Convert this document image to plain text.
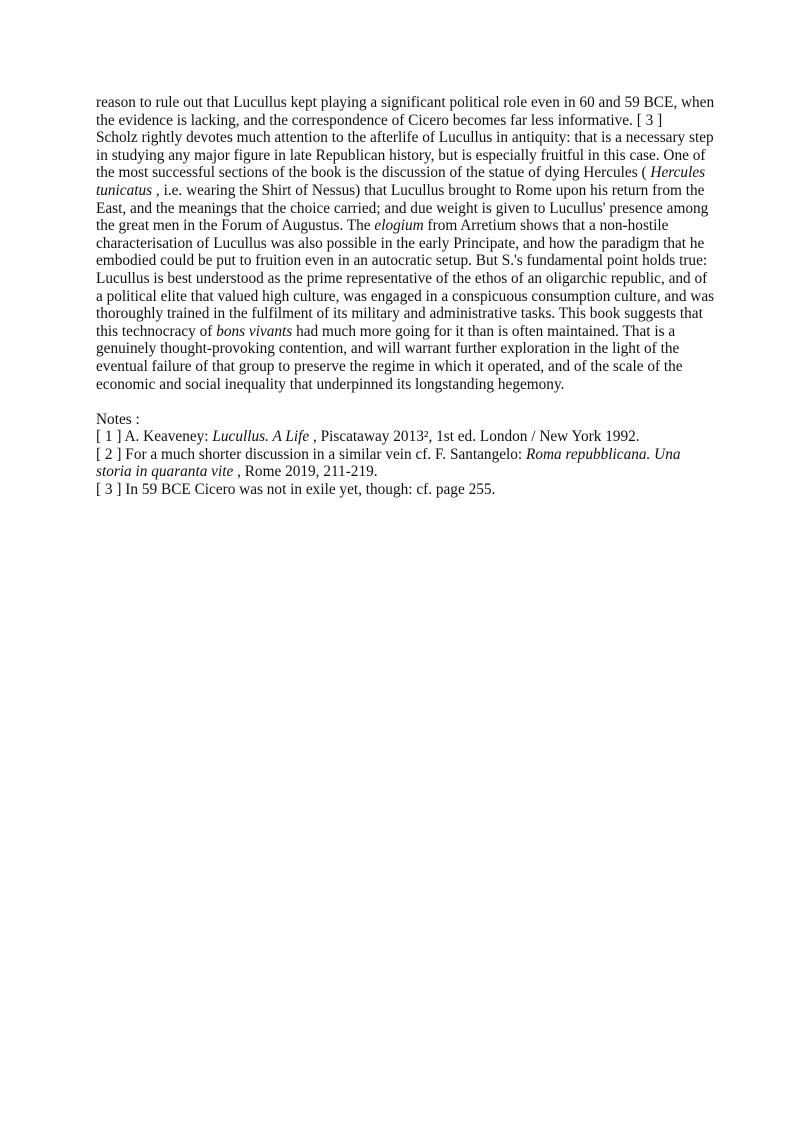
reason to rule out that Lucullus kept playing a significant political role even in 60 and 59 BCE, when the evidence is lacking, and the correspondence of Cicero becomes far less informative. [ 3 ]

Scholz rightly devotes much attention to the afterlife of Lucullus in antiquity: that is a necessary step in studying any major figure in late Republican history, but is especially fruitful in this case. One of the most successful sections of the book is the discussion of the statue of dying Hercules ( Hercules tunicatus , i.e. wearing the Shirt of Nessus) that Lucullus brought to Rome upon his return from the East, and the meanings that the choice carried; and due weight is given to Lucullus' presence among the great men in the Forum of Augustus. The elogium from Arretium shows that a non-hostile characterisation of Lucullus was also possible in the early Principate, and how the paradigm that he embodied could be put to fruition even in an autocratic setup. But S.'s fundamental point holds true: Lucullus is best understood as the prime representative of the ethos of an oligarchic republic, and of a political elite that valued high culture, was engaged in a conspicuous consumption culture, and was thoroughly trained in the fulfilment of its military and administrative tasks. This book suggests that this technocracy of bons vivants had much more going for it than is often maintained. That is a genuinely thought-provoking contention, and will warrant further exploration in the light of the eventual failure of that group to preserve the regime in which it operated, and of the scale of the economic and social inequality that underpinned its longstanding hegemony.

Notes :

[ 1 ] A. Keaveney: Lucullus. A Life , Piscataway 2013², 1st ed. London / New York 1992.

[ 2 ] For a much shorter discussion in a similar vein cf. F. Santangelo: Roma repubblicana. Una storia in quaranta vite , Rome 2019, 211-219.

[ 3 ] In 59 BCE Cicero was not in exile yet, though: cf. page 255.
